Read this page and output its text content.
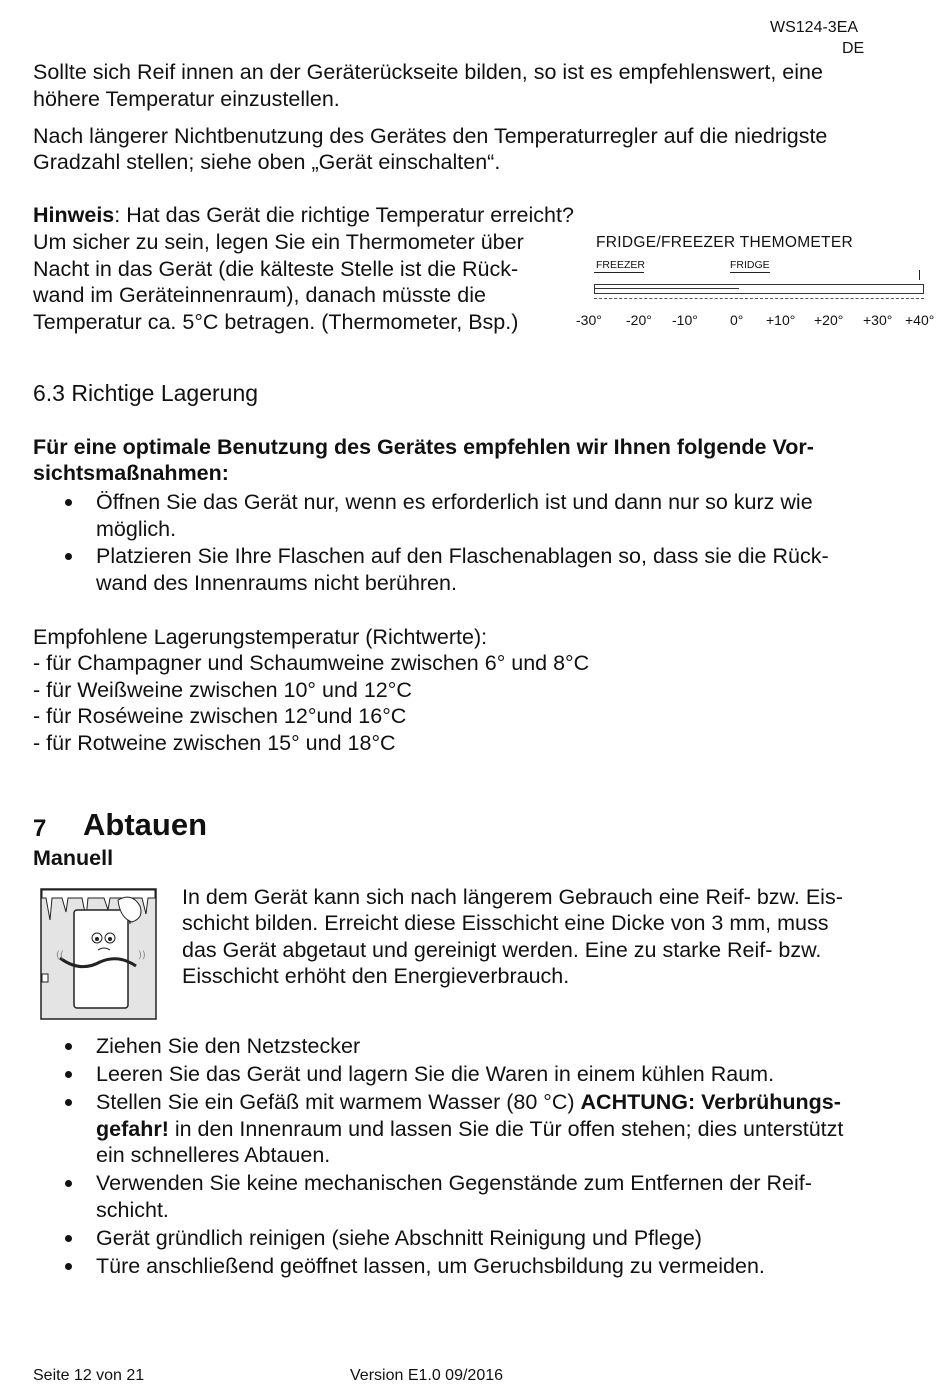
WS124-3EA
DE
Sollte sich Reif innen an der Geräterückseite bilden, so ist es empfehlenswert, eine
höhere Temperatur einzustellen.
Nach längerer Nichtbenutzung des Gerätes den Temperaturregler auf die niedrigste
Gradzahl stellen; siehe oben „Gerät einschalten“.
Hinweis: Hat das Gerät die richtige Temperatur erreicht?
Um sicher zu sein, legen Sie ein Thermometer über
Nacht in das Gerät (die kälteste Stelle ist die Rück-
wand im Geräteinnenraum), danach müsste die
Temperatur ca. 5°C betragen. (Thermometer, Bsp.)
FRIDGE/FREEZER THEMOMETER
FREEZER	FRIDGE
-30° -20° -10° 0° +10° +20° +30° +40°
6.3 Richtige Lagerung
Für eine optimale Benutzung des Gerätes empfehlen wir Ihnen folgende Vor-
sichtsmaßnahmen:
Öffnen Sie das Gerät nur, wenn es erforderlich ist und dann nur so kurz wie
möglich.
Platzieren Sie Ihre Flaschen auf den Flaschenablagen so, dass sie die Rück-
wand des Innenraums nicht berühren.
Empfohlene Lagerungstemperatur (Richtwerte):
- für Champagner und Schaumweine zwischen 6° und 8°C
- für Weißweine zwischen 10° und 12°C
- für Roséweine zwischen 12°und 16°C
- für Rotweine zwischen 15° und 18°C
7 Abtauen
Manuell
((	))
In dem Gerät kann sich nach längerem Gebrauch eine Reif- bzw. Eis-
schicht bilden. Erreicht diese Eisschicht eine Dicke von 3 mm, muss
das Gerät abgetaut und gereinigt werden. Eine zu starke Reif- bzw.
Eisschicht erhöht den Energieverbrauch.
Ziehen Sie den Netzstecker
Leeren Sie das Gerät und lagern Sie die Waren in einem kühlen Raum.
Stellen Sie ein Gefäß mit warmem Wasser (80 °C) ACHTUNG: Verbrühungs-
gefahr! in den Innenraum und lassen Sie die Tür offen stehen; dies unterstützt
ein schnelleres Abtauen.
Verwenden Sie keine mechanischen Gegenstände zum Entfernen der Reif-
schicht.
Gerät gründlich reinigen (siehe Abschnitt Reinigung und Pflege)
Türe anschließend geöffnet lassen, um Geruchsbildung zu vermeiden.
Seite 12 von 21	Version E1.0 09/2016
